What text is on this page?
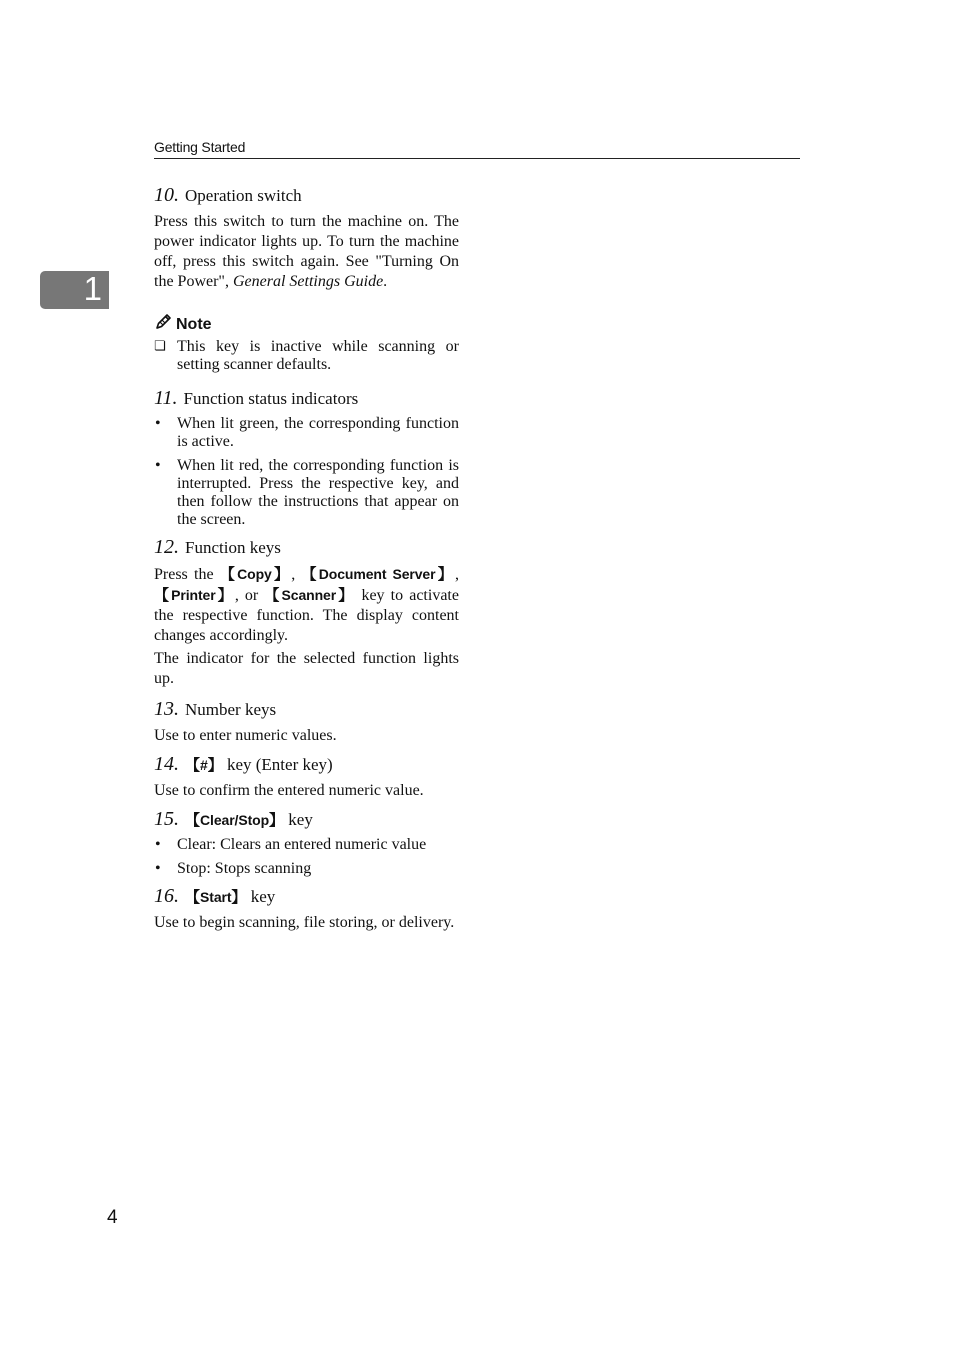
Getting Started
1
10. Operation switch

Press this switch to turn the machine on. The power indicator lights up. To turn the machine off, press this switch again. See "Turning On the Power", General Settings Guide.

Note
❏ This key is inactive while scanning or setting scanner defaults.
11. Function status indicators
• When lit green, the corresponding function is active.
• When lit red, the corresponding function is interrupted. Press the respective key, and then follow the instructions that appear on the screen.
12. Function keys

Press the 【Copy】, 【Document Server】, 【Printer】, or 【Scanner】 key to activate the respective function. The display content changes accordingly.

The indicator for the selected function lights up.

13. Number keys

Use to enter numeric values.

14. 【#】 key (Enter key)

Use to confirm the entered numeric value.

15. 【Clear/Stop】 key
• Clear: Clears an entered numeric value
• Stop: Stops scanning
16. 【Start】 key

Use to begin scanning, file storing, or delivery.

4
